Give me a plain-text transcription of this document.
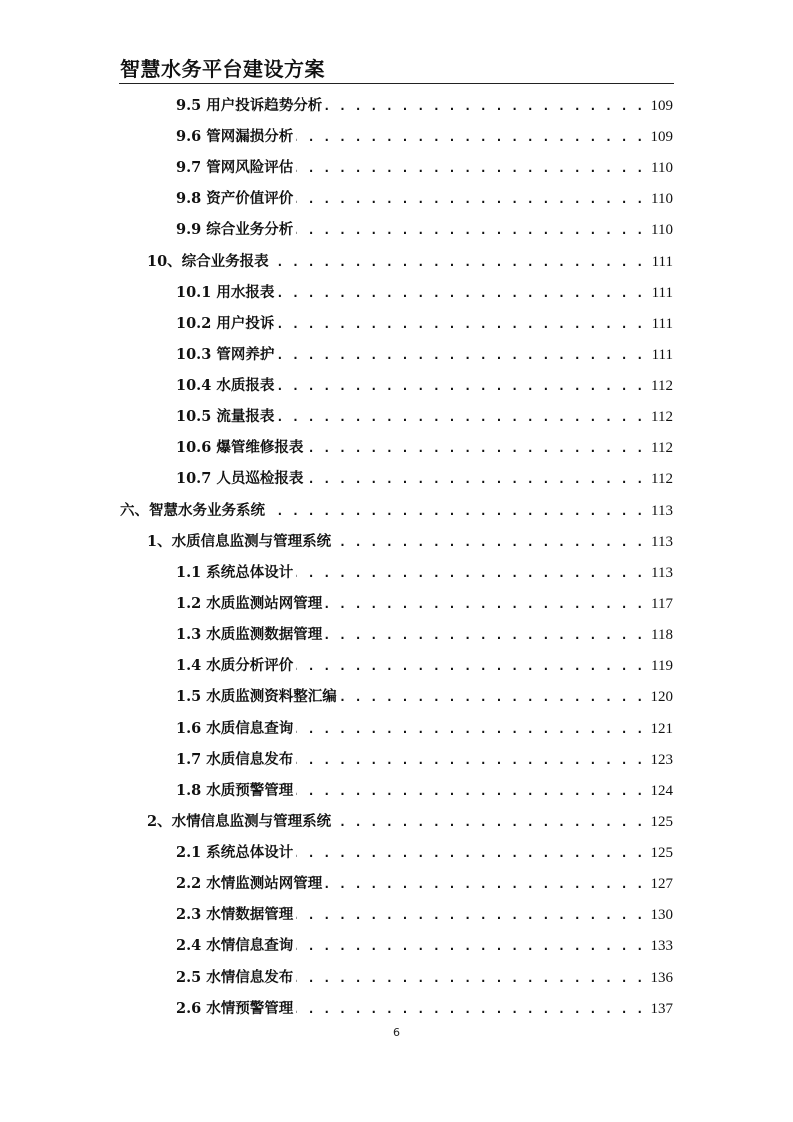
智慧水务平台建设方案
9.5 用户投诉趋势分析 . . .	109
9.6 管网漏损分析 . . .	109
9.7 管网风险评估 . . .	110
9.8 资产价值评价 . . .	110
9.9 综合业务分析 . . .	110
10、 综合业务报表 . . .	111
10.1 用水报表 . . .	111
10.2 用户投诉 . . .	111
10.3 管网养护 . . .	111
10.4 水质报表 . . .	112
10.5 流量报表 . . .	112
10.6 爆管维修报表 . . .	112
10.7 人员巡检报表 . . .	112
六、 智慧水务业务系统 . . .	113
1、 水质信息监测与管理系统 . . .	113
1.1 系统总体设计 . . .	113
1.2 水质监测站网管理 . . .	117
1.3 水质监测数据管理 . . .	118
1.4 水质分析评价 . . .	119
1.5 水质监测资料整汇编 . . .	120
1.6 水质信息查询 . . .	121
1.7 水质信息发布 . . .	123
1.8 水质预警管理 . . .	124
2、 水情信息监测与管理系统 . . .	125
2.1 系统总体设计 . . .	125
2.2 水情监测站网管理 . . .	127
2.3 水情数据管理 . . .	130
2.4 水情信息查询 . . .	133
2.5 水情信息发布 . . .	136
2.6 水情预警管理 . . .	137
6
